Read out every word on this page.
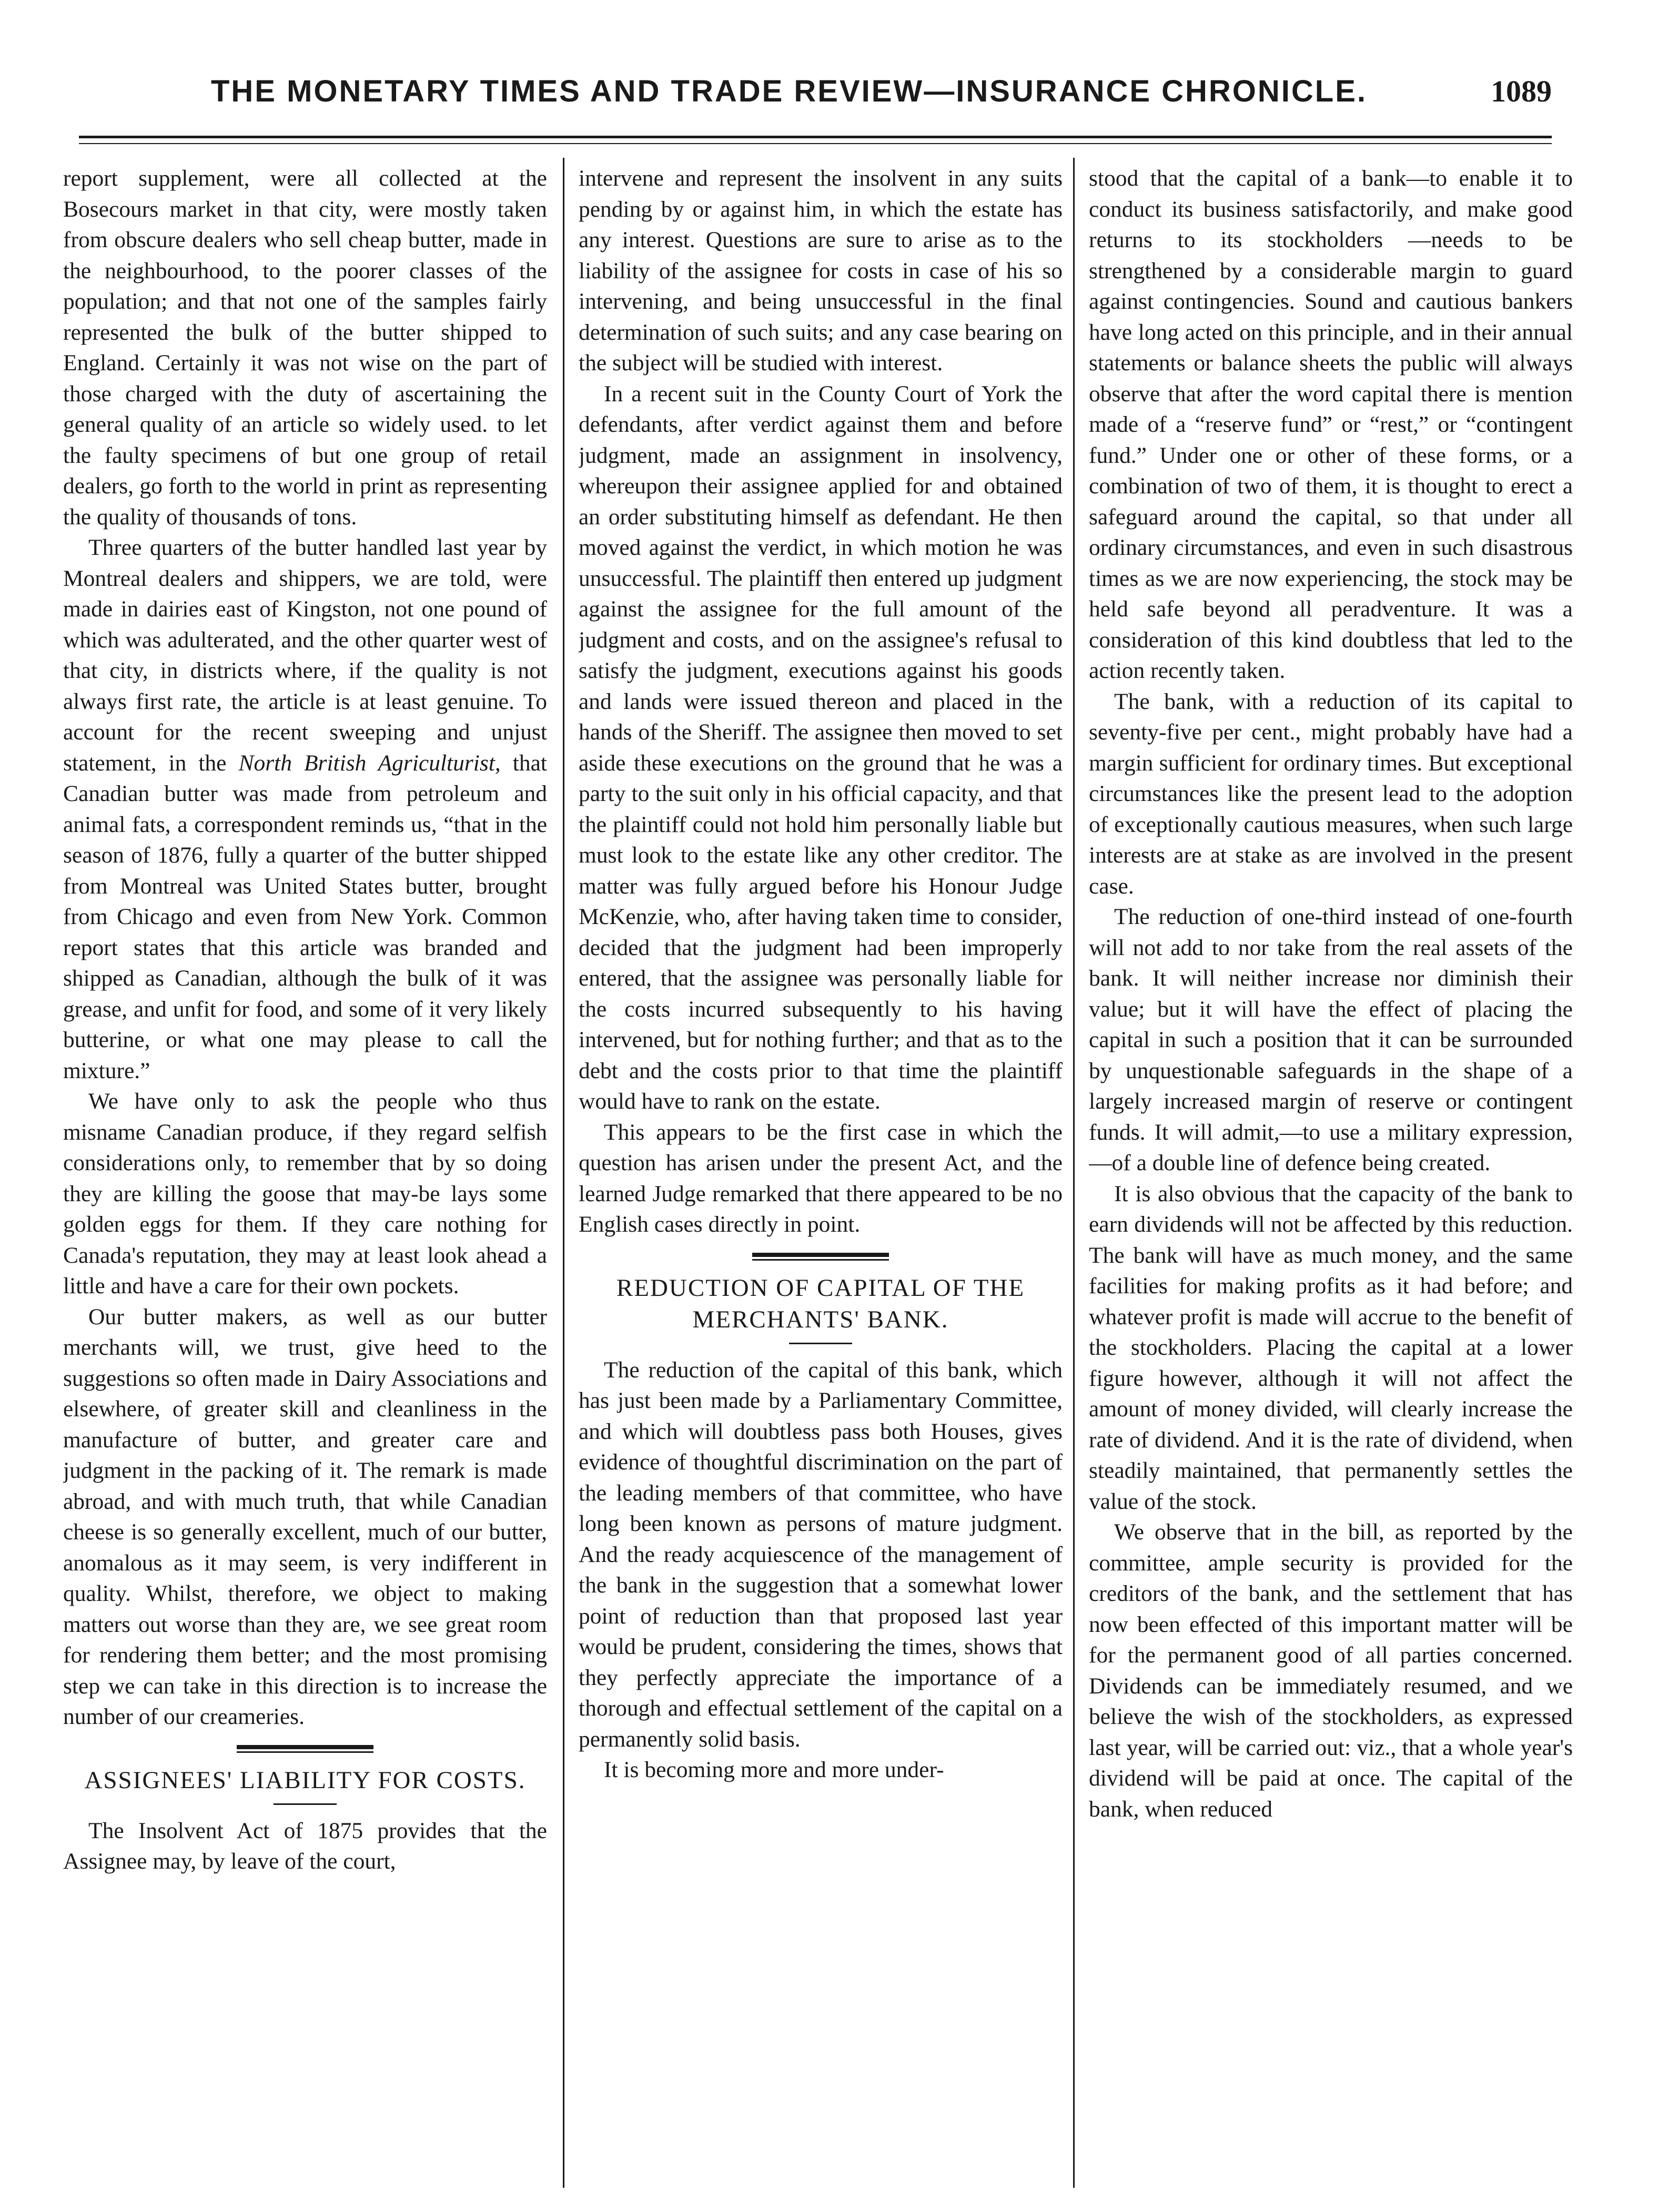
THE MONETARY TIMES AND TRADE REVIEW—INSURANCE CHRONICLE.	1089

report supplement, were all collected at the Bosecours market in that city, were mostly taken from obscure dealers who sell cheap butter, made in the neighbourhood, to the poorer classes of the population; and that not one of the samples fairly represented the bulk of the butter shipped to England. Certainly it was not wise on the part of those charged with the duty of ascertaining the general quality of an article so widely used. to let the faulty specimens of but one group of retail dealers, go forth to the world in print as representing the quality of thousands of tons.

Three quarters of the butter handled last year by Montreal dealers and shippers, we are told, were made in dairies east of Kingston, not one pound of which was adulterated, and the other quarter west of that city, in districts where, if the quality is not always first rate, the article is at least genuine. To account for the recent sweeping and unjust statement, in the North British Agriculturist, that Canadian butter was made from petroleum and animal fats, a correspondent reminds us, “that in the season of 1876, fully a quarter of the butter shipped from Montreal was United States butter, brought from Chicago and even from New York. Common report states that this article was branded and shipped as Canadian, although the bulk of it was grease, and unfit for food, and some of it very likely butterine, or what one may please to call the mixture.”

We have only to ask the people who thus misname Canadian produce, if they regard selfish considerations only, to remember that by so doing they are killing the goose that may-be lays some golden eggs for them. If they care nothing for Canada's reputation, they may at least look ahead a little and have a care for their own pockets.

Our butter makers, as well as our butter merchants will, we trust, give heed to the suggestions so often made in Dairy Associations and elsewhere, of greater skill and cleanliness in the manufacture of butter, and greater care and judgment in the packing of it. The remark is made abroad, and with much truth, that while Canadian cheese is so generally excellent, much of our butter, anomalous as it may seem, is very indifferent in quality. Whilst, therefore, we object to making matters out worse than they are, we see great room for rendering them better; and the most promising step we can take in this direction is to increase the number of our creameries.

ASSIGNEES' LIABILITY FOR COSTS.

The Insolvent Act of 1875 provides that the Assignee may, by leave of the court,

intervene and represent the insolvent in any suits pending by or against him, in which the estate has any interest. Questions are sure to arise as to the liability of the assignee for costs in case of his so intervening, and being unsuccessful in the final determination of such suits; and any case bearing on the subject will be studied with interest.

In a recent suit in the County Court of York the defendants, after verdict against them and before judgment, made an assignment in insolvency, whereupon their assignee applied for and obtained an order substituting himself as defendant. He then moved against the verdict, in which motion he was unsuccessful. The plaintiff then entered up judgment against the assignee for the full amount of the judgment and costs, and on the assignee's refusal to satisfy the judgment, executions against his goods and lands were issued thereon and placed in the hands of the Sheriff. The assignee then moved to set aside these executions on the ground that he was a party to the suit only in his official capacity, and that the plaintiff could not hold him personally liable but must look to the estate like any other creditor. The matter was fully argued before his Honour Judge McKenzie, who, after having taken time to consider, decided that the judgment had been improperly entered, that the assignee was personally liable for the costs incurred subsequently to his having intervened, but for nothing further; and that as to the debt and the costs prior to that time the plaintiff would have to rank on the estate.

This appears to be the first case in which the question has arisen under the present Act, and the learned Judge remarked that there appeared to be no English cases directly in point.

REDUCTION OF CAPITAL OF THE
MERCHANTS' BANK.

The reduction of the capital of this bank, which has just been made by a Parliamentary Committee, and which will doubtless pass both Houses, gives evidence of thoughtful discrimination on the part of the leading members of that committee, who have long been known as persons of mature judgment. And the ready acquiescence of the management of the bank in the suggestion that a somewhat lower point of reduction than that proposed last year would be prudent, considering the times, shows that they perfectly appreciate the importance of a thorough and effectual settlement of the capital on a permanently solid basis.

It is becoming more and more under-

stood that the capital of a bank—to enable it to conduct its business satisfactorily, and make good returns to its stockholders —needs to be strengthened by a considerable margin to guard against contingencies. Sound and cautious bankers have long acted on this principle, and in their annual statements or balance sheets the public will always observe that after the word capital there is mention made of a “reserve fund” or “rest,” or “contingent fund.” Under one or other of these forms, or a combination of two of them, it is thought to erect a safeguard around the capital, so that under all ordinary circumstances, and even in such disastrous times as we are now experiencing, the stock may be held safe beyond all peradventure. It was a consideration of this kind doubtless that led to the action recently taken.

The bank, with a reduction of its capital to seventy-five per cent., might probably have had a margin sufficient for ordinary times. But exceptional circumstances like the present lead to the adoption of exceptionally cautious measures, when such large interests are at stake as are involved in the present case.

The reduction of one-third instead of one-fourth will not add to nor take from the real assets of the bank. It will neither increase nor diminish their value; but it will have the effect of placing the capital in such a position that it can be surrounded by unquestionable safeguards in the shape of a largely increased margin of reserve or contingent funds. It will admit,—to use a military expression,—of a double line of defence being created.

It is also obvious that the capacity of the bank to earn dividends will not be affected by this reduction. The bank will have as much money, and the same facilities for making profits as it had before; and whatever profit is made will accrue to the benefit of the stockholders. Placing the capital at a lower figure however, although it will not affect the amount of money divided, will clearly increase the rate of dividend. And it is the rate of dividend, when steadily maintained, that permanently settles the value of the stock.

We observe that in the bill, as reported by the committee, ample security is provided for the creditors of the bank, and the settlement that has now been effected of this important matter will be for the permanent good of all parties concerned. Dividends can be immediately resumed, and we believe the wish of the stockholders, as expressed last year, will be carried out: viz., that a whole year's dividend will be paid at once. The capital of the bank, when reduced
